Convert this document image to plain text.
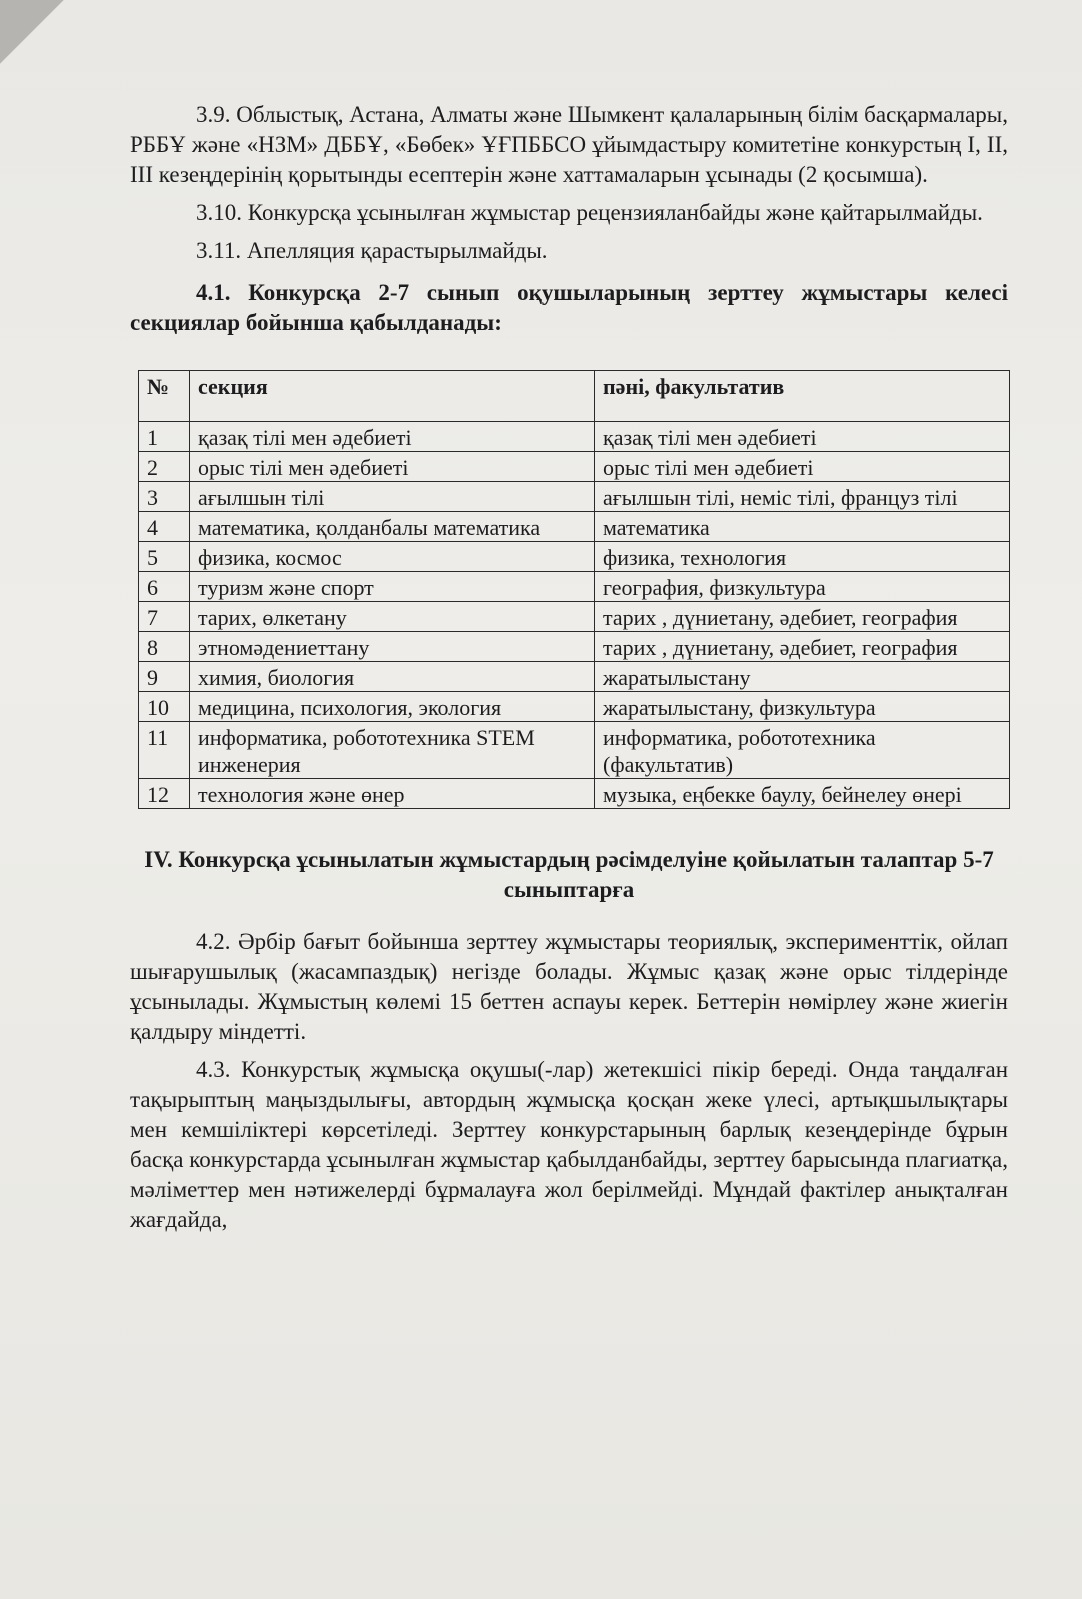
3.9. Облыстық, Астана, Алматы және Шымкент қалаларының білім басқармалары, РББҰ және «НЗМ» ДББҰ, «Бөбек» ҰҒПББСО ұйымдастыру комитетіне конкурстың I, II, III кезеңдерінің қорытынды есептерін және хаттамаларын ұсынады (2 қосымша).

3.10. Конкурсқа ұсынылған жұмыстар рецензияланбайды және қайтарылмайды.

3.11. Апелляция қарастырылмайды.

4.1. Конкурсқа 2-7 сынып оқушыларының зерттеу жұмыстары келесі секциялар бойынша қабылданады:

№	секция	пәні, факультатив
1	қазақ тілі мен әдебиеті	қазақ тілі мен әдебиеті
2	орыс тілі мен әдебиеті	орыс тілі мен әдебиеті
3	ағылшын тілі	ағылшын тілі, неміс тілі, француз тілі
4	математика, қолданбалы математика	математика
5	физика, космос	физика, технология
6	туризм және спорт	география, физкультура
7	тарих, өлкетану	тарих , дүниетану, әдебиет, география
8	этномәдениеттану	тарих , дүниетану, әдебиет, география
9	химия, биология	жаратылыстану
10	медицина, психология, экология	жаратылыстану, физкультура
11	информатика, робототехника STEM инженерия	информатика, робототехника (факультатив)
12	технология және өнер	музыка, еңбекке баулу, бейнелеу өнері
IV. Конкурсқа ұсынылатын жұмыстардың рәсімделуіне қойылатын талаптар 5-7 сыныптарға

4.2. Әрбір бағыт бойынша зерттеу жұмыстары теориялық, эксперименттік, ойлап шығарушылық (жасампаздық) негізде болады. Жұмыс қазақ және орыс тілдерінде ұсынылады. Жұмыстың көлемі 15 беттен аспауы керек. Беттерін нөмірлеу және жиегін қалдыру міндетті.

4.3. Конкурстық жұмысқа оқушы(-лар) жетекшісі пікір береді. Онда таңдалған тақырыптың маңыздылығы, автордың жұмысқа қосқан жеке үлесі, артықшылықтары мен кемшіліктері көрсетіледі. Зерттеу конкурстарының барлық кезеңдерінде бұрын басқа конкурстарда ұсынылған жұмыстар қабылданбайды, зерттеу барысында плагиатқа, мәліметтер мен нәтижелерді бұрмалауға жол берілмейді. Мұндай фактілер анықталған жағдайда,
